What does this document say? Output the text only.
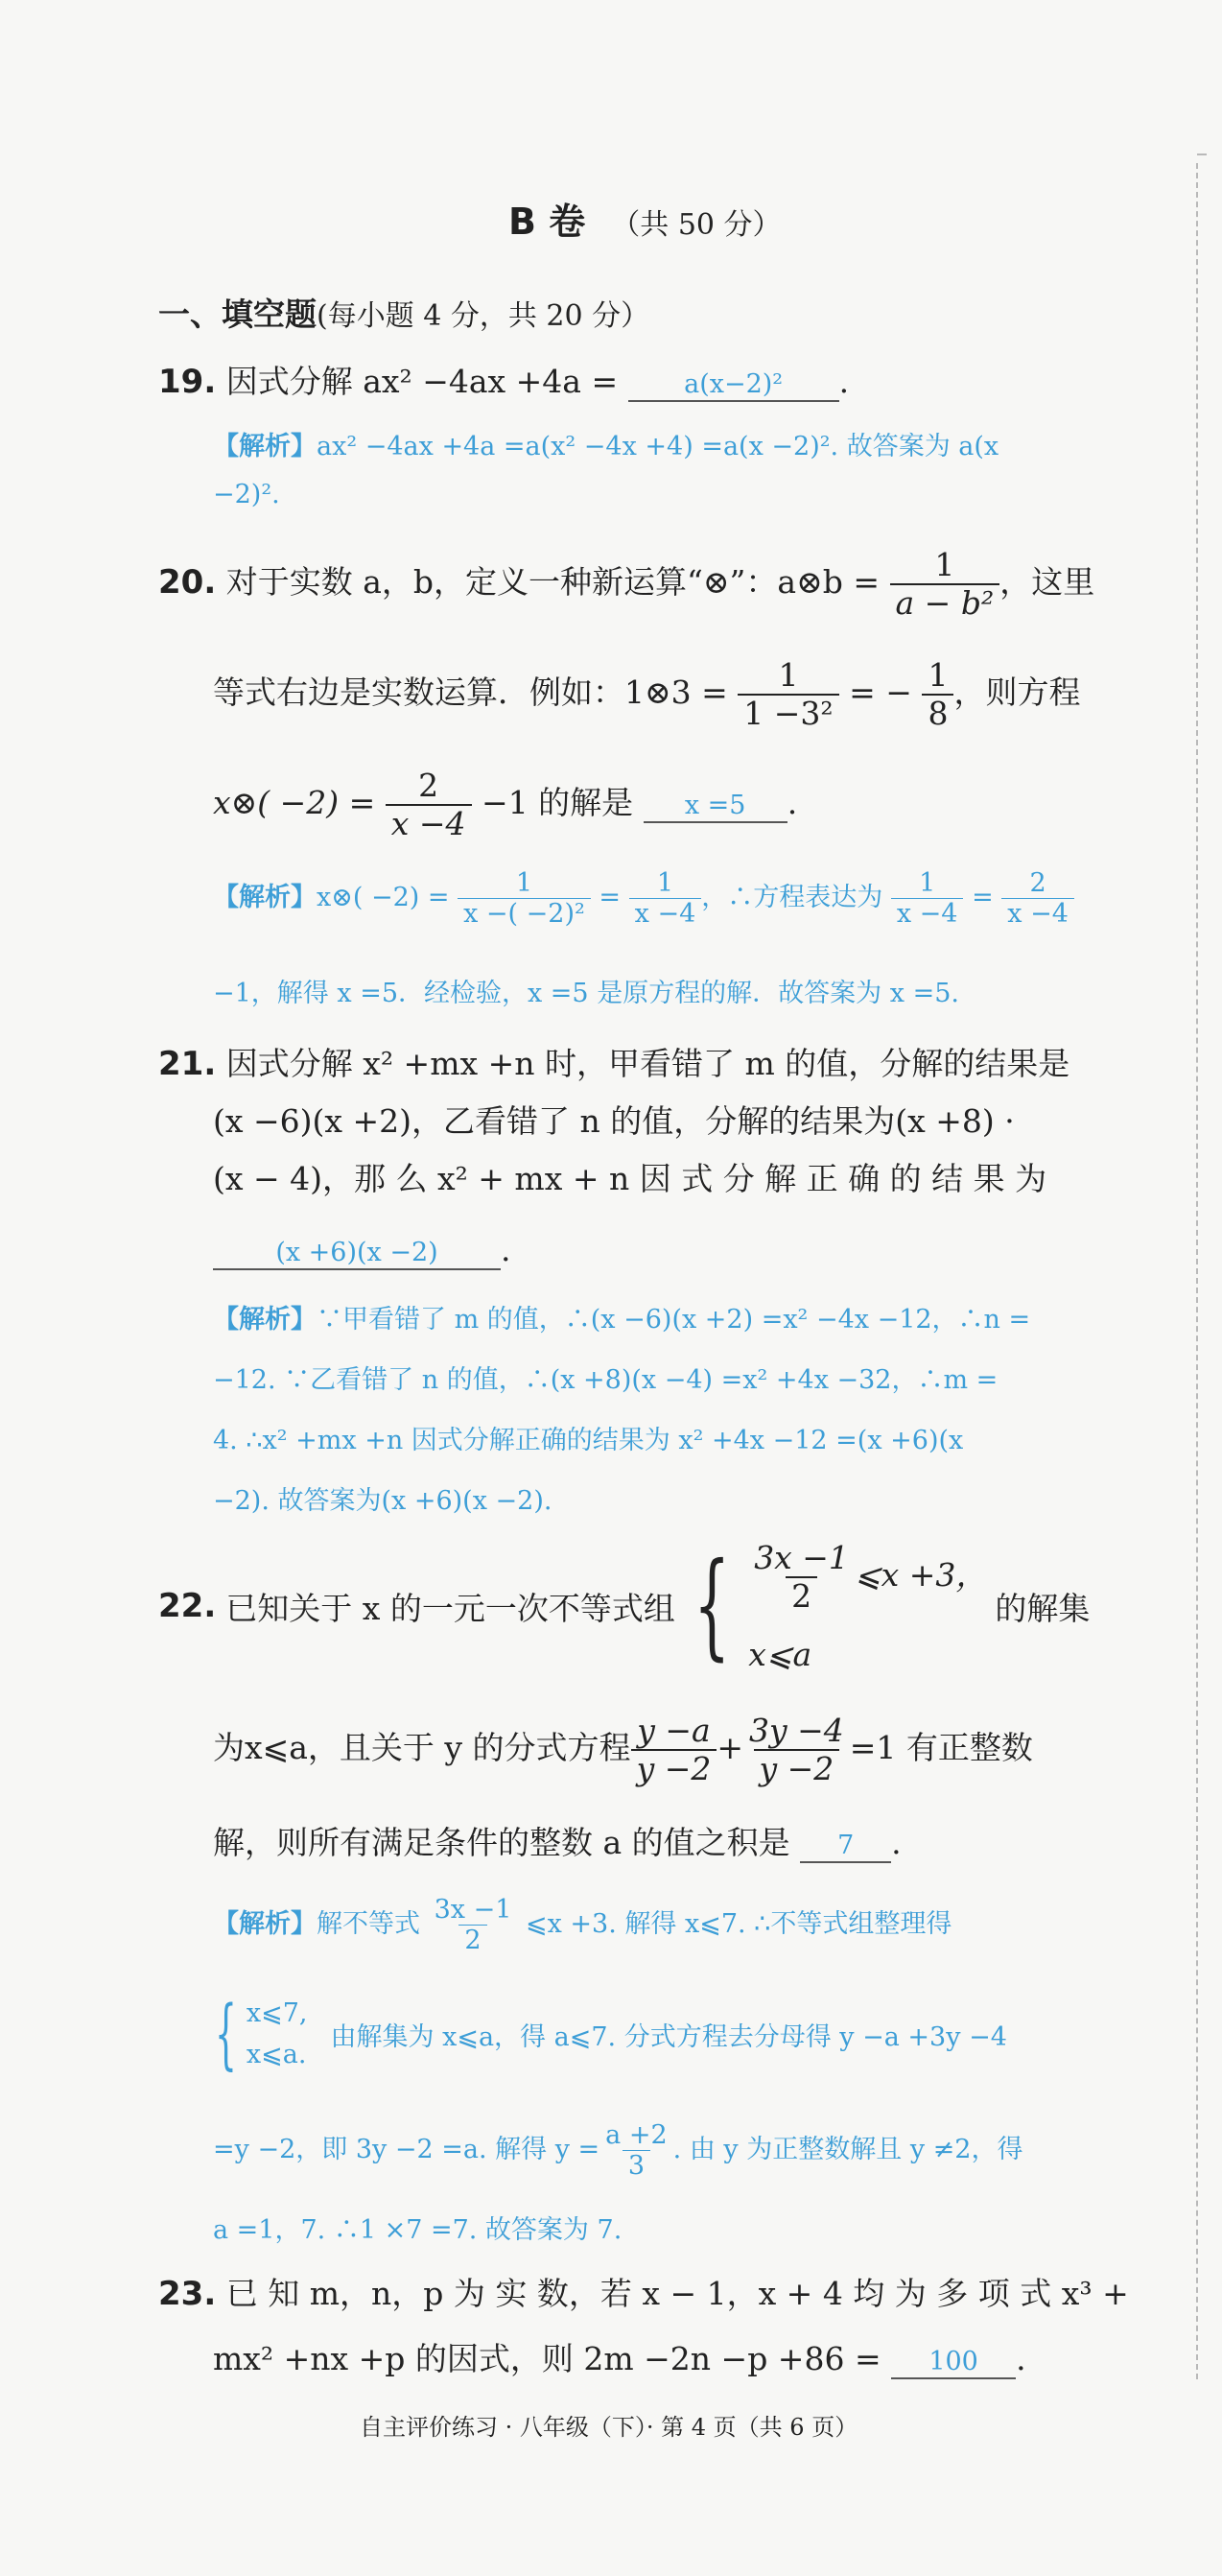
B 卷 （共 50 分）
一、填空题(每小题 4 分，共 20 分）
19. 因式分解 ax² −4ax +4a =	a(x−2)² .
【解析】ax² −4ax +4a =a(x² −4x +4) =a(x −2)². 故答案为 a(x
−2)².
20. 对于实数 a，b，定义一种新运算“⊗”：a⊗b = $\frac{1}{\text{a − b²}}$ ，这里
等式右边是实数运算．例如：1⊗3 = $\frac{1}{\text{1 −3²}}$ = − $\frac{1}{8}$ ，则方程
x⊗( $-2) = \frac{2}{x -4} -1$ 的解是 x =5 .
【解析】x⊗( $-2) = \frac{1}{\text{x −( −2)²}} = \frac{1}{x -4}$ ，∴方程表达为 $\frac{1}{x -4} = \frac{2}{x -4}$
−1，解得 x =5．经检验，x =5 是原方程的解．故答案为 x =5.
21. 因式分解 x² +mx +n 时，甲看错了 m 的值，分解的结果是
(x −6)(x +2)，乙看错了 n 的值，分解的结果为(x +8) ·
(x − 4)，那 么 x² + mx + n 因 式 分 解 正 确 的 结 果 为
(x +6)(x −2) .
【解析】∵甲看错了 m 的值，∴(x −6)(x +2) =x² −4x −12，∴n =
−12. ∵乙看错了 n 的值，∴(x +8)(x −4) =x² +4x −32，∴m =
4. ∴x² +mx +n 因式分解正确的结果为 x² +4x −12 =(x +6)(x
−2). 故答案为(x +6)(x −2).
22. 已知关于 x 的一元一次不等式组 { $\frac{3x -1}{2}$ ⩽x +3，
x⩽a
的解集
为x⩽a，且关于 y 的分式方程 $\frac{y -a}{y -2} + \frac{3y -4}{y -2} =1$ 有正整数
解，则所有满足条件的整数 a 的值之积是 7 .
【解析】解不等式 $\frac{3x -1}{2}$ ⩽x +3. 解得 x⩽7. ∴不等式组整理得
{ x⩽7,
x⩽a.
由解集为 x⩽a，得 a⩽7. 分式方程去分母得 y −a +3y −4
=y −2，即 3y −2 =a. 解得 $y = \frac{a +2}{3}$ . 由 y 为正整数解且 y ≠2，得
a =1，7. ∴1 ×7 =7. 故答案为 7.
23. 已 知 m，n，p 为 实 数，若 x − 1，x + 4 均 为 多 项 式 x³ +
mx² +nx +p 的因式，则 2m −2n −p +86 = 100 .
自主评价练习 · 八年级（下）· 第 4 页（共 6 页）
